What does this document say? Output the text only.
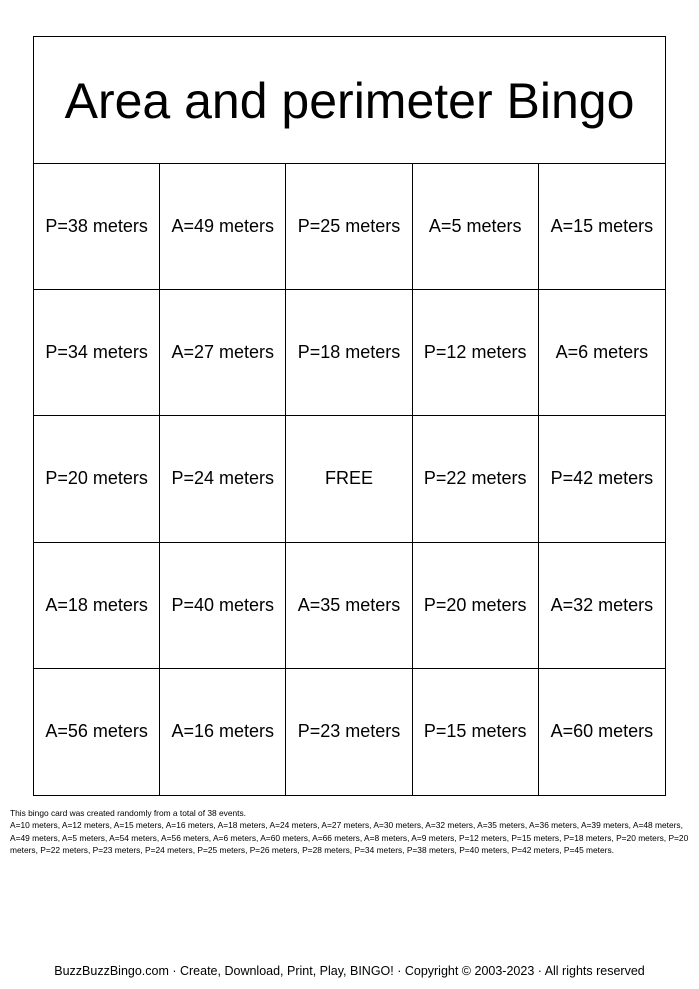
Area and perimeter Bingo
P=38 meters	A=49 meters	P=25 meters	A=5 meters	A=15 meters
P=34 meters	A=27 meters	P=18 meters	P=12 meters	A=6 meters
P=20 meters	P=24 meters	FREE	P=22 meters	P=42 meters
A=18 meters	P=40 meters	A=35 meters	P=20 meters	A=32 meters
A=56 meters	A=16 meters	P=23 meters	P=15 meters	A=60 meters

This bingo card was created randomly from a total of 38 events.

A=10 meters, A=12 meters, A=15 meters, A=16 meters, A=18 meters, A=24 meters, A=27 meters, A=30 meters, A=32 meters, A=35 meters, A=36 meters, A=39 meters, A=48 meters, A=49 meters, A=5 meters, A=54 meters, A=56 meters, A=6 meters, A=60 meters, A=66 meters, A=8 meters, A=9 meters, P=12 meters, P=15 meters, P=18 meters, P=20 meters, P=20 meters, P=22 meters, P=23 meters, P=24 meters, P=25 meters, P=26 meters, P=28 meters, P=34 meters, P=38 meters, P=40 meters, P=42 meters, P=45 meters.

BuzzBuzzBingo.com · Create, Download, Print, Play, BINGO! · Copyright © 2003-2023 · All rights reserved
